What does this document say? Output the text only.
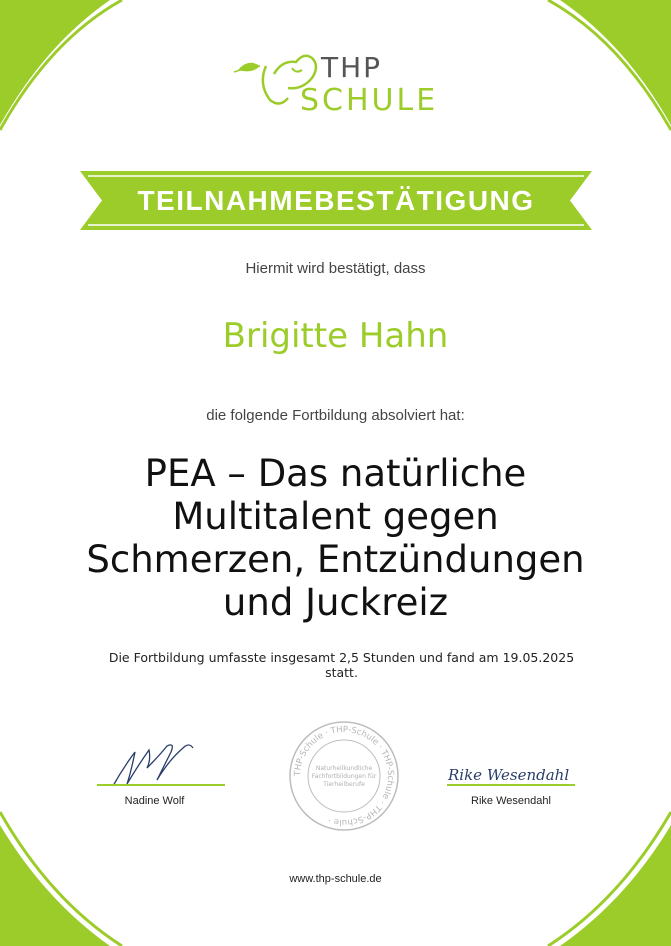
THP
SCHULE
TEILNAHMEBESTÄTIGUNG
Hiermit wird bestätigt, dass
Brigitte Hahn
die folgende Fortbildung absolviert hat:
PEA – Das natürliche
Multitalent gegen
Schmerzen, Entzündungen
und Juckreiz
Die Fortbildung umfasste insgesamt 2,5 Stunden und fand am 19.05.2025
statt.
Nadine Wolf
THP-Schule · THP-Schule · THP-Schule · THP-Schule ·
Naturheilkundliche
Fachfortbildungen für
Tierheilberufe
Rike Wesendahl
Rike Wesendahl
www.thp-schule.de
